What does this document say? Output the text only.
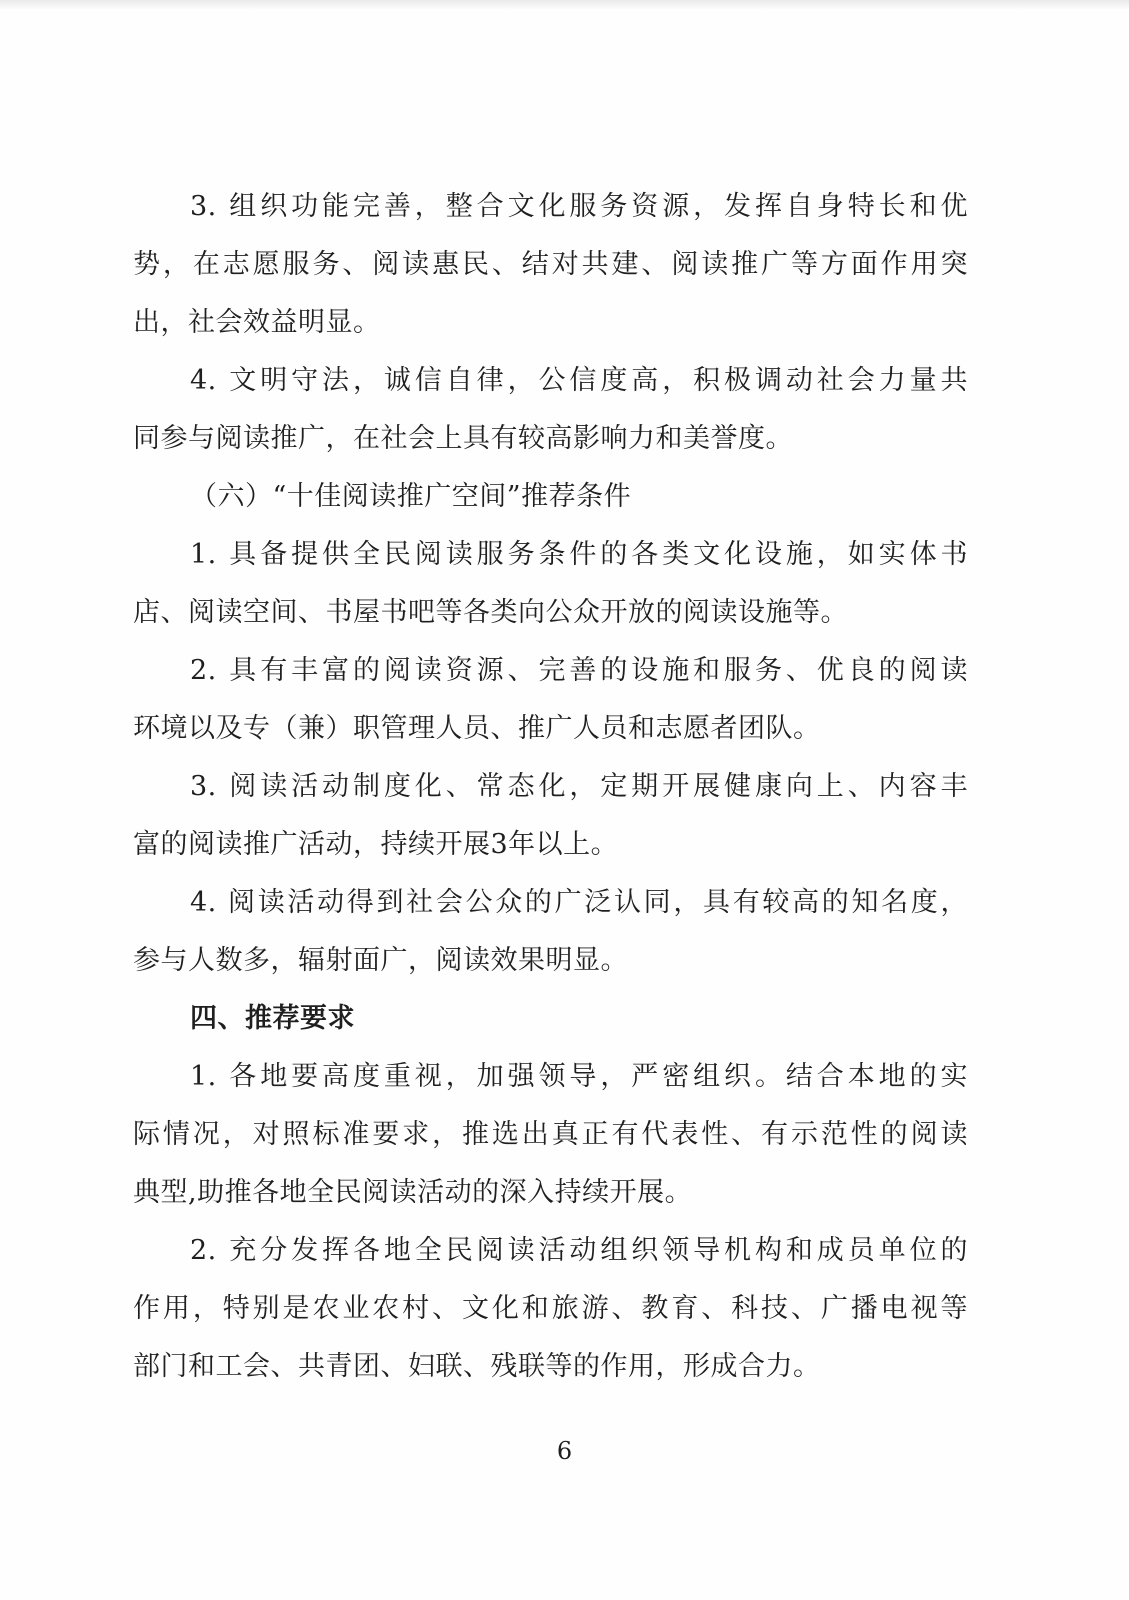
3. 组织功能完善，整合文化服务资源，发挥自身特长和优
势，在志愿服务、阅读惠民、结对共建、阅读推广等方面作用突
出，社会效益明显。
4. 文明守法，诚信自律，公信度高，积极调动社会力量共
同参与阅读推广，在社会上具有较高影响力和美誉度。
（六）“十佳阅读推广空间”推荐条件
1. 具备提供全民阅读服务条件的各类文化设施，如实体书
店、阅读空间、书屋书吧等各类向公众开放的阅读设施等。
2. 具有丰富的阅读资源、完善的设施和服务、优良的阅读
环境以及专（兼）职管理人员、推广人员和志愿者团队。
3. 阅读活动制度化、常态化，定期开展健康向上、内容丰
富的阅读推广活动，持续开展3年以上。
4. 阅读活动得到社会公众的广泛认同，具有较高的知名度，
参与人数多，辐射面广，阅读效果明显。
四、推荐要求
1. 各地要高度重视，加强领导，严密组织。结合本地的实
际情况，对照标准要求，推选出真正有代表性、有示范性的阅读
典型,助推各地全民阅读活动的深入持续开展。
2. 充分发挥各地全民阅读活动组织领导机构和成员单位的
作用，特别是农业农村、文化和旅游、教育、科技、广播电视等
部门和工会、共青团、妇联、残联等的作用，形成合力。
6
